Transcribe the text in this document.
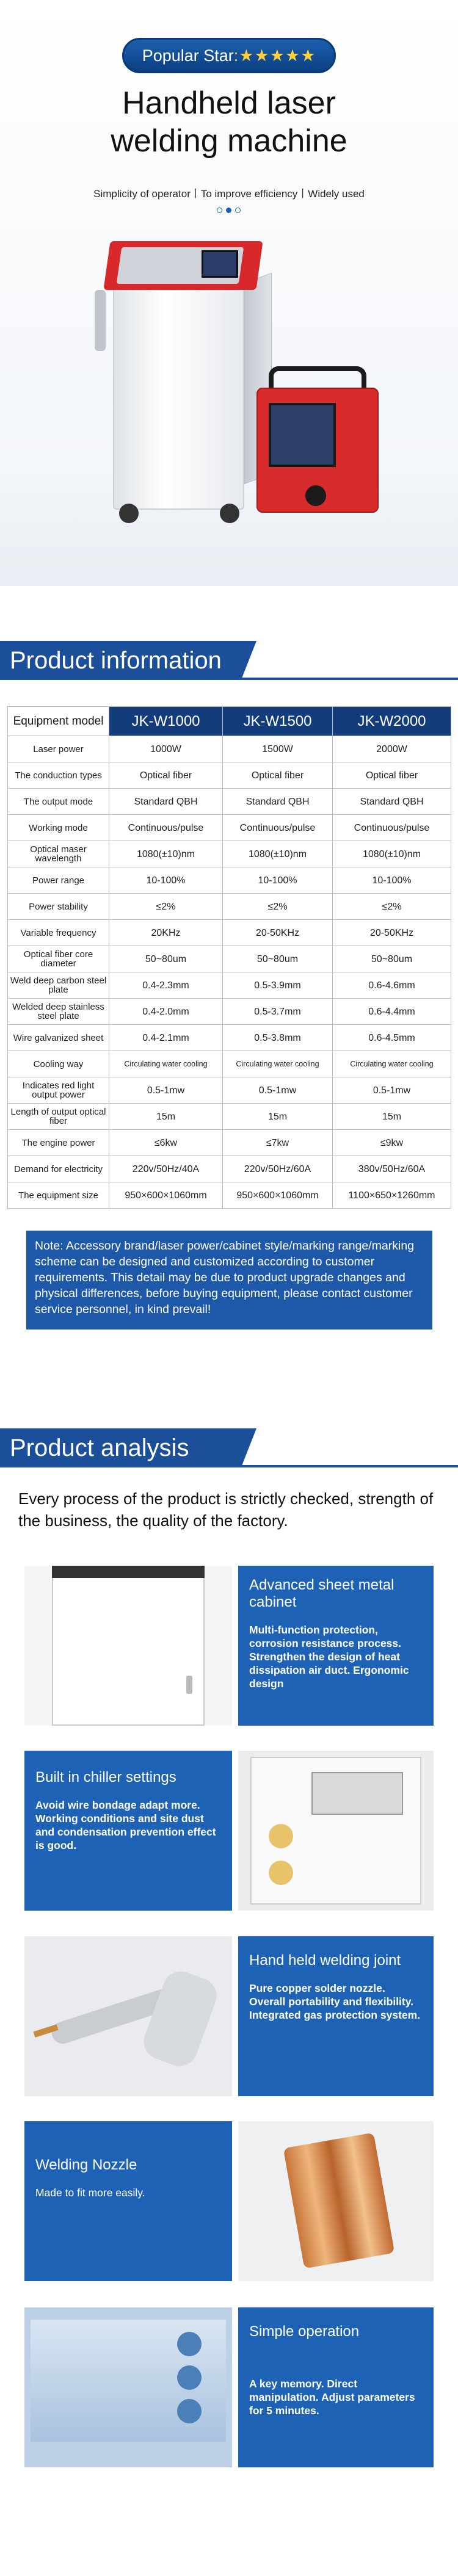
Popular Star:★★★★★
Handheld laser
welding machine
Simplicity of operator丨To improve efficiency丨Widely used
Product information
Equipment model	JK-W1000	JK-W1500	JK-W2000
Laser power	1000W	1500W	2000W
The conduction types	Optical fiber	Optical fiber	Optical fiber
The output mode	Standard QBH	Standard QBH	Standard QBH
Working mode	Continuous/pulse	Continuous/pulse	Continuous/pulse
Optical maser wavelength	1080(±10)nm	1080(±10)nm	1080(±10)nm
Power range	10-100%	10-100%	10-100%
Power stability	≤2%	≤2%	≤2%
Variable frequency	20KHz	20-50KHz	20-50KHz
Optical fiber core diameter	50~80um	50~80um	50~80um
Weld deep carbon steel plate	0.4-2.3mm	0.5-3.9mm	0.6-4.6mm
Welded deep stainless steel plate	0.4-2.0mm	0.5-3.7mm	0.6-4.4mm
Wire galvanized sheet	0.4-2.1mm	0.5-3.8mm	0.6-4.5mm
Cooling way	Circulating water cooling	Circulating water cooling	Circulating water cooling
Indicates red light output power	0.5-1mw	0.5-1mw	0.5-1mw
Length of output optical fiber	15m	15m	15m
The engine power	≤6kw	≤7kw	≤9kw
Demand for electricity	220v/50Hz/40A	220v/50Hz/60A	380v/50Hz/60A
The equipment size	950×600×1060mm	950×600×1060mm	1100×650×1260mm
Note: Accessory brand/laser power/cabinet style/marking range/marking scheme can be designed and customized according to customer requirements. This detail may be due to product upgrade changes and physical differences, before buying equipment, please contact customer service personnel, in kind prevail!
Product analysis
Every process of the product is strictly checked, strength of the business, the quality of the factory.
Advanced sheet metal cabinet
Multi-function protection, corrosion resistance process. Strengthen the design of heat dissipation air duct. Ergonomic design
Built in chiller settings
Avoid wire bondage adapt more. Working conditions and site dust and condensation prevention effect is good.
Hand held welding joint
Pure copper solder nozzle. Overall portability and flexibility. Integrated gas protection system.
Welding Nozzle
Made to fit more easily.
Simple operation
A key memory. Direct manipulation. Adjust parameters for 5 minutes.
